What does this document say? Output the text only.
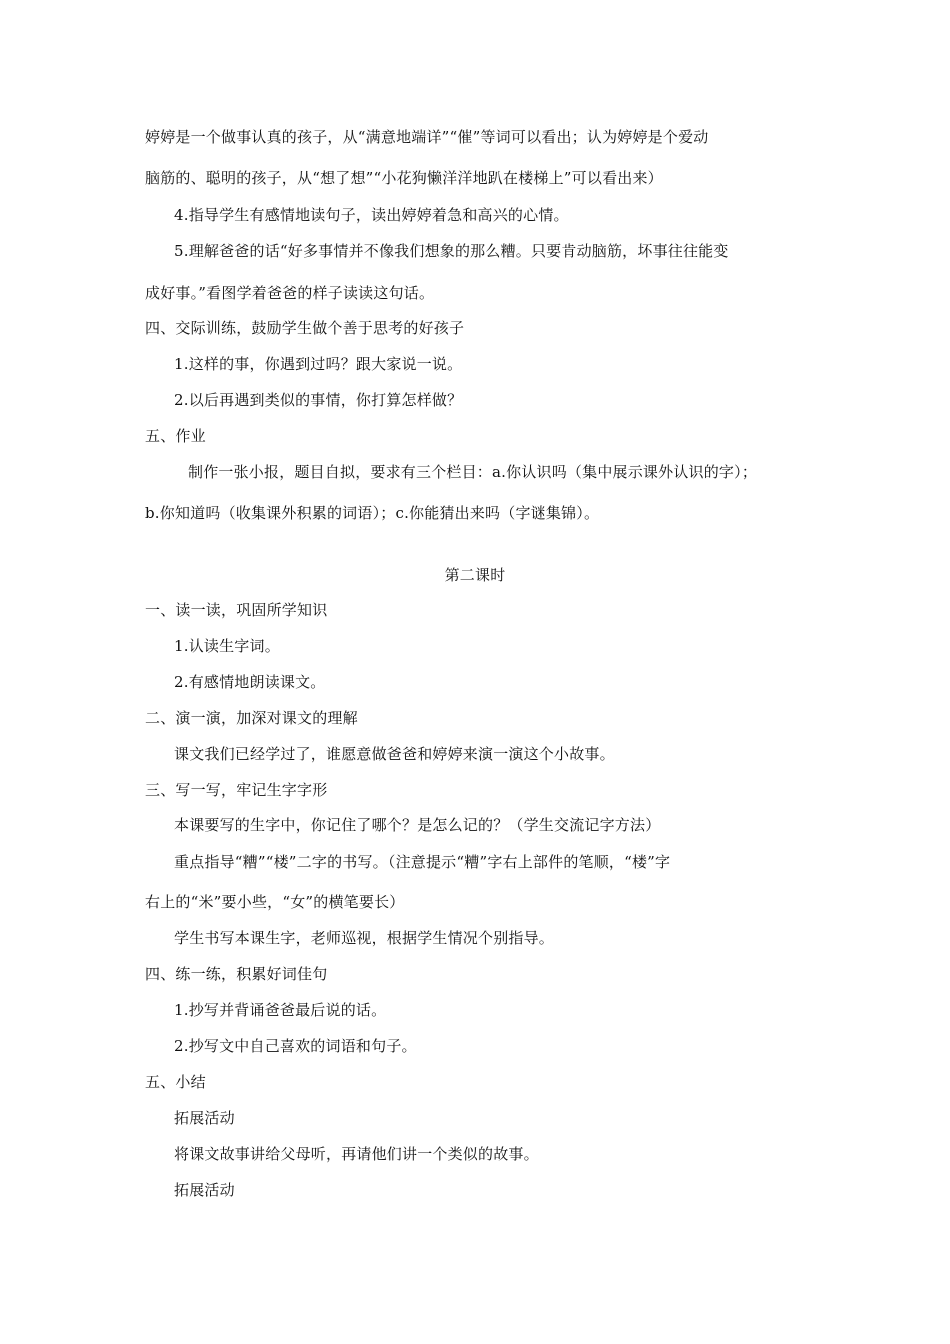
婷婷是一个做事认真的孩子，从“满意地端详”“催”等词可以看出；认为婷婷是个爱动
脑筋的、聪明的孩子，从“想了想”“小花狗懒洋洋地趴在楼梯上”可以看出来）
4.指导学生有感情地读句子，读出婷婷着急和高兴的心情。
5.理解爸爸的话“好多事情并不像我们想象的那么糟。只要肯动脑筋，坏事往往能变
成好事。”看图学着爸爸的样子读读这句话。
四、交际训练，鼓励学生做个善于思考的好孩子
1.这样的事，你遇到过吗？跟大家说一说。
2.以后再遇到类似的事情，你打算怎样做？
五、作业
制作一张小报，题目自拟，要求有三个栏目：a.你认识吗（集中展示课外认识的字）；
b.你知道吗（收集课外积累的词语）；c.你能猜出来吗（字谜集锦）。
第二课时
一、读一读，巩固所学知识
1.认读生字词。
2.有感情地朗读课文。
二、演一演，加深对课文的理解
课文我们已经学过了，谁愿意做爸爸和婷婷来演一演这个小故事。
三、写一写，牢记生字字形
本课要写的生字中，你记住了哪个？是怎么记的？（学生交流记字方法）
重点指导“糟”“楼”二字的书写。（注意提示“糟”字右上部件的笔顺，“楼”字
右上的“米”要小些，“女”的横笔要长）
学生书写本课生字，老师巡视，根据学生情况个别指导。
四、练一练，积累好词佳句
1.抄写并背诵爸爸最后说的话。
2.抄写文中自己喜欢的词语和句子。
五、小结
拓展活动
将课文故事讲给父母听，再请他们讲一个类似的故事。
拓展活动
